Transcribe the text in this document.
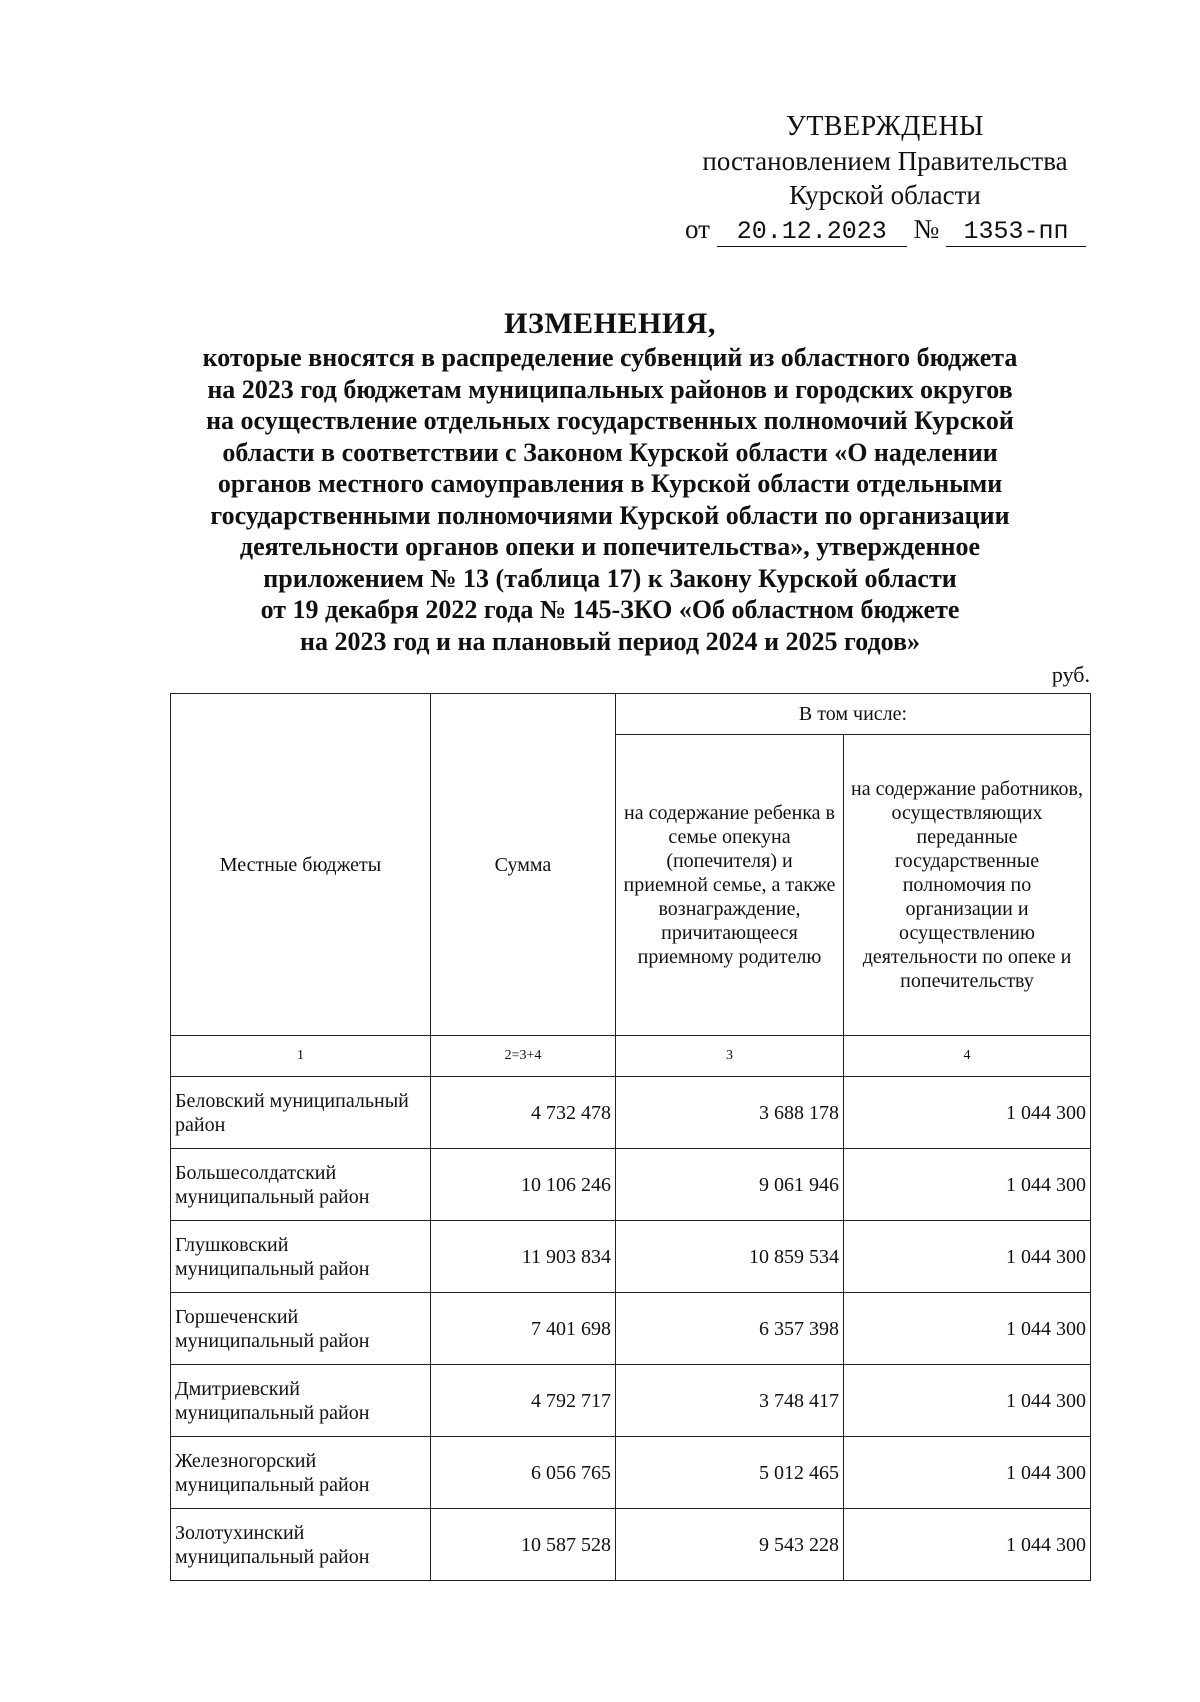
УТВЕРЖДЕНЫ
постановлением Правительства
Курской области
от 20.12.2023 № 1353-пп
ИЗМЕНЕНИЯ,
которые вносятся в распределение субвенций из областного бюджета
на 2023 год бюджетам муниципальных районов и городских округов
на осуществление отдельных государственных полномочий Курской
области в соответствии с Законом Курской области «О наделении
органов местного самоуправления в Курской области отдельными
государственными полномочиями Курской области по организации
деятельности органов опеки и попечительства», утвержденное
приложением № 13 (таблица 17) к Закону Курской области
от 19 декабря 2022 года № 145-ЗКО «Об областном бюджете
на 2023 год и на плановый период 2024 и 2025 годов»
руб.
Местные бюджеты	Сумма	В том числе:	
		на содержание ребенка в семье опекуна (попечителя) и приемной семье, а также вознаграждение, причитающееся приемному родителю	на содержание работников, осуществляющих переданные государственные полномочия по организации и осуществлению деятельности по опеке и попечительству
1	2=3+4	3	4
Беловский муниципальный район	4 732 478	3 688 178	1 044 300
Большесолдатский муниципальный район	10 106 246	9 061 946	1 044 300
Глушковский муниципальный район	11 903 834	10 859 534	1 044 300
Горшеченский муниципальный район	7 401 698	6 357 398	1 044 300
Дмитриевский муниципальный район	4 792 717	3 748 417	1 044 300
Железногорский муниципальный район	6 056 765	5 012 465	1 044 300
Золотухинский муниципальный район	10 587 528	9 543 228	1 044 300
